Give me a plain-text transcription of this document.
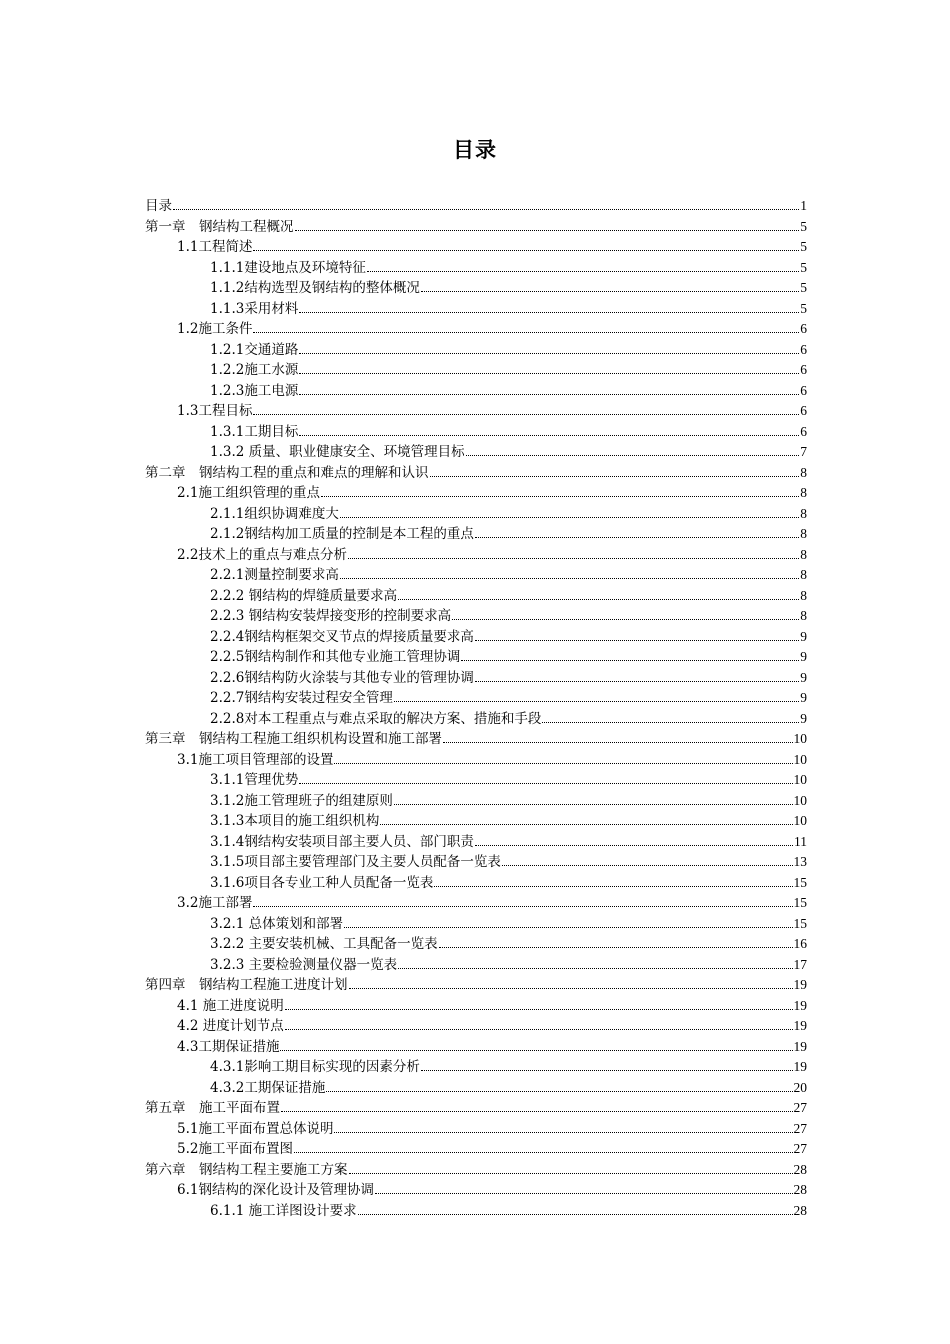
目录
目录	1
第一章　钢结构工程概况	5
1.1工程简述	5
1.1.1建设地点及环境特征	5
1.1.2结构选型及钢结构的整体概况	5
1.1.3采用材料	5
1.2施工条件	6
1.2.1交通道路	6
1.2.2施工水源	6
1.2.3施工电源	6
1.3工程目标	6
1.3.1工期目标	6
1.3.2 质量、职业健康安全、环境管理目标	7
第二章　钢结构工程的重点和难点的理解和认识	8
2.1施工组织管理的重点	8
2.1.1组织协调难度大	8
2.1.2钢结构加工质量的控制是本工程的重点	8
2.2技术上的重点与难点分析	8
2.2.1测量控制要求高	8
2.2.2 钢结构的焊缝质量要求高	8
2.2.3 钢结构安装焊接变形的控制要求高	8
2.2.4钢结构框架交叉节点的焊接质量要求高	9
2.2.5钢结构制作和其他专业施工管理协调	9
2.2.6钢结构防火涂装与其他专业的管理协调	9
2.2.7钢结构安装过程安全管理	9
2.2.8对本工程重点与难点采取的解决方案、措施和手段	9
第三章　钢结构工程施工组织机构设置和施工部署	10
3.1施工项目管理部的设置	10
3.1.1管理优势	10
3.1.2施工管理班子的组建原则	10
3.1.3本项目的施工组织机构	10
3.1.4钢结构安装项目部主要人员、部门职责	11
3.1.5项目部主要管理部门及主要人员配备一览表	13
3.1.6项目各专业工种人员配备一览表	15
3.2施工部署	15
3.2.1 总体策划和部署	15
3.2.2 主要安装机械、工具配备一览表	16
3.2.3 主要检验测量仪器一览表	17
第四章　钢结构工程施工进度计划	19
4.1 施工进度说明	19
4.2 进度计划节点	19
4.3工期保证措施	19
4.3.1影响工期目标实现的因素分析	19
4.3.2工期保证措施	20
第五章　施工平面布置	27
5.1施工平面布置总体说明	27
5.2施工平面布置图	27
第六章　钢结构工程主要施工方案	28
6.1钢结构的深化设计及管理协调	28
6.1.1 施工详图设计要求	28
